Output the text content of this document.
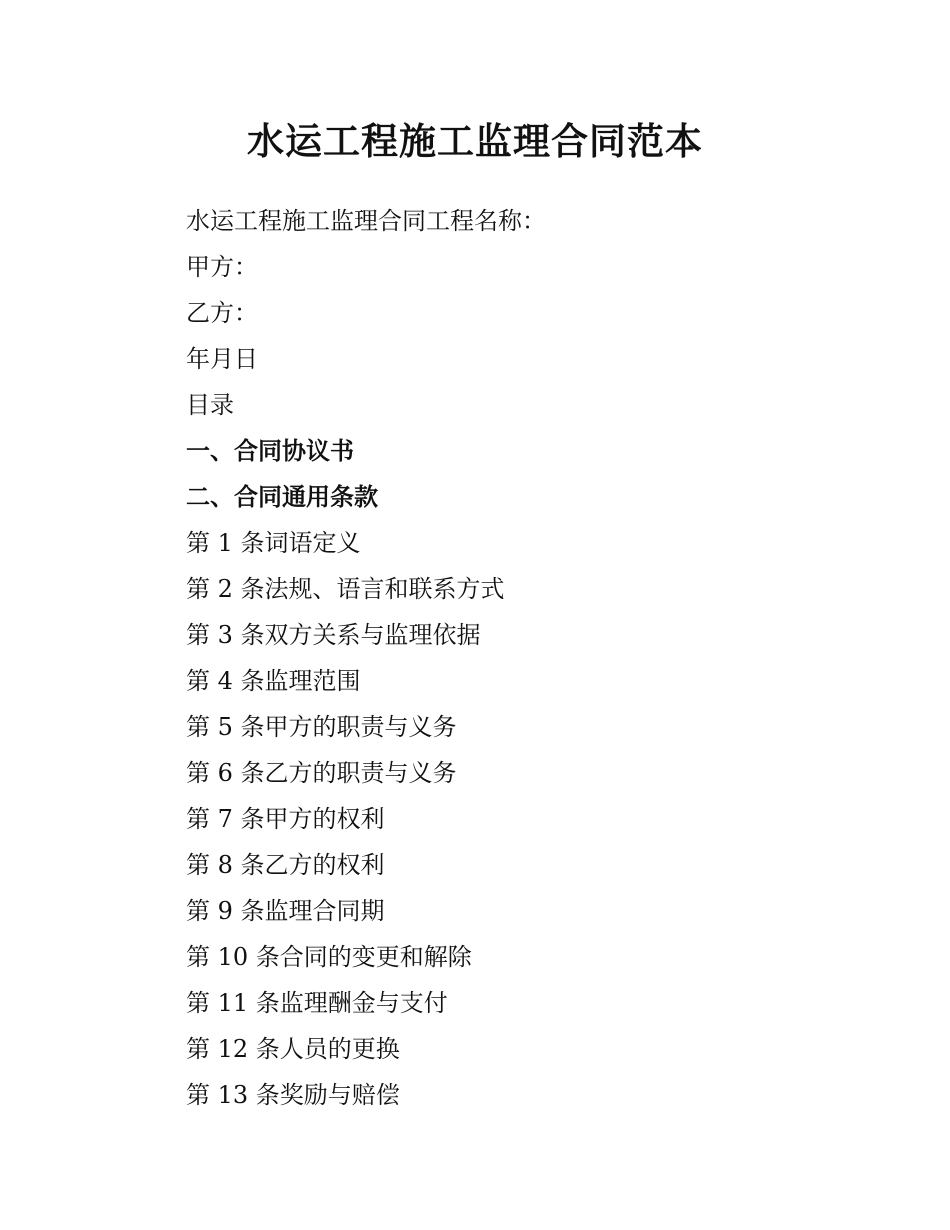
水运工程施工监理合同范本
水运工程施工监理合同工程名称：
甲方：
乙方：
年月日
目录
一、合同协议书
二、合同通用条款
第 1 条词语定义
第 2 条法规、语言和联系方式
第 3 条双方关系与监理依据
第 4 条监理范围
第 5 条甲方的职责与义务
第 6 条乙方的职责与义务
第 7 条甲方的权利
第 8 条乙方的权利
第 9 条监理合同期
第 10 条合同的变更和解除
第 11 条监理酬金与支付
第 12 条人员的更换
第 13 条奖励与赔偿
